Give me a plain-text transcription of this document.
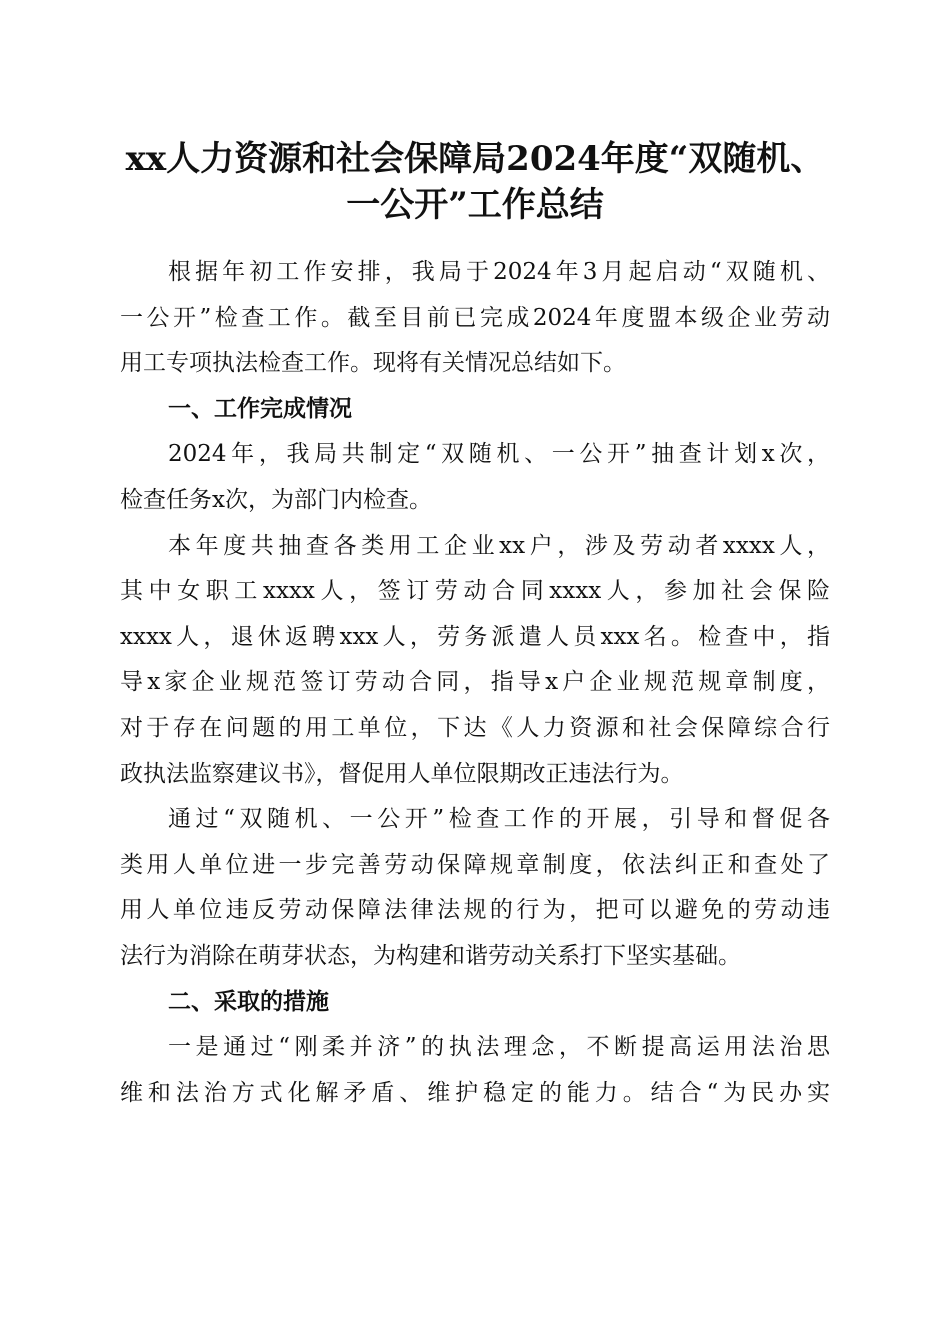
xx人力资源和社会保障局2024年度“双随机、
一公开”工作总结
根据年初工作安排，我局于2024年3月起启动“双随机、
一公开”检查工作。截至目前已完成2024年度盟本级企业劳动
用工专项执法检查工作。现将有关情况总结如下。
一、工作完成情况
2024年，我局共制定“双随机、一公开”抽查计划x次，
检查任务x次，为部门内检查。
本年度共抽查各类用工企业xx户，涉及劳动者xxxx人，
其中女职工xxxx人，签订劳动合同xxxx人，参加社会保险
xxxx人，退休返聘xxx人，劳务派遣人员xxx名。检查中，指
导x家企业规范签订劳动合同，指导x户企业规范规章制度，
对于存在问题的用工单位，下达《人力资源和社会保障综合行
政执法监察建议书》，督促用人单位限期改正违法行为。
通过“双随机、一公开”检查工作的开展，引导和督促各
类用人单位进一步完善劳动保障规章制度，依法纠正和查处了
用人单位违反劳动保障法律法规的行为，把可以避免的劳动违
法行为消除在萌芽状态，为构建和谐劳动关系打下坚实基础。
二、采取的措施
一是通过“刚柔并济”的执法理念，不断提高运用法治思
维和法治方式化解矛盾、维护稳定的能力。结合“为民办实
